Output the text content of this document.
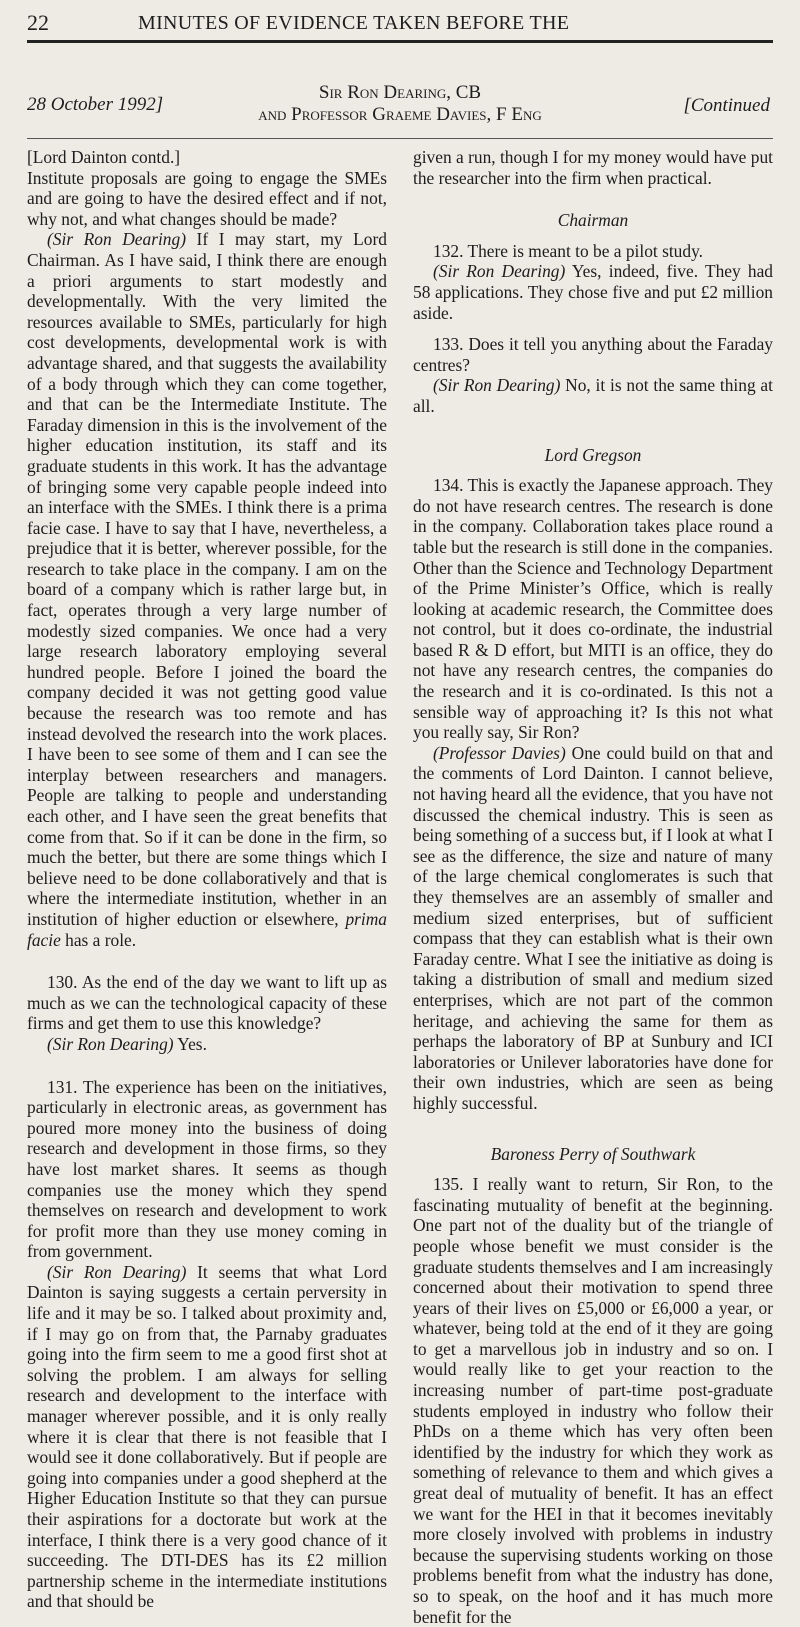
22	MINUTES OF EVIDENCE TAKEN BEFORE THE
28 October 1992]
Sir Ron Dearing, CB
and Professor Graeme Davies, F Eng	[Continued

[Lord Dainton contd.]

Institute proposals are going to engage the SMEs and are going to have the desired effect and if not, why not, and what changes should be made?

(Sir Ron Dearing) If I may start, my Lord Chairman. As I have said, I think there are enough a priori arguments to start modestly and developmentally. With the very limited the resources available to SMEs, particularly for high cost developments, developmental work is with advantage shared, and that suggests the availability of a body through which they can come together, and that can be the Intermediate Institute. The Faraday dimension in this is the involvement of the higher education institution, its staff and its graduate students in this work. It has the advantage of bringing some very capable people indeed into an interface with the SMEs. I think there is a prima facie case. I have to say that I have, nevertheless, a prejudice that it is better, wherever possible, for the research to take place in the company. I am on the board of a company which is rather large but, in fact, operates through a very large number of modestly sized companies. We once had a very large research laboratory employing several hundred people. Before I joined the board the company decided it was not getting good value because the research was too remote and has instead devolved the research into the work places. I have been to see some of them and I can see the interplay between researchers and managers. People are talking to people and understanding each other, and I have seen the great benefits that come from that. So if it can be done in the firm, so much the better, but there are some things which I believe need to be done collaboratively and that is where the intermediate institution, whether in an institution of higher eduction or elsewhere, prima facie has a role.

130. As the end of the day we want to lift up as much as we can the technological capacity of these firms and get them to use this knowledge?

(Sir Ron Dearing) Yes.

131. The experience has been on the initiatives, particularly in electronic areas, as government has poured more money into the business of doing research and development in those firms, so they have lost market shares. It seems as though companies use the money which they spend themselves on research and development to work for profit more than they use money coming in from government.

(Sir Ron Dearing) It seems that what Lord Dainton is saying suggests a certain perversity in life and it may be so. I talked about proximity and, if I may go on from that, the Parnaby graduates going into the firm seem to me a good first shot at solving the problem. I am always for selling research and development to the interface with manager wherever possible, and it is only really where it is clear that there is not feasible that I would see it done collaboratively. But if people are going into companies under a good shepherd at the Higher Education Institute so that they can pursue their aspirations for a doctorate but work at the interface, I think there is a very good chance of it succeeding. The DTI-DES has its £2 million partnership scheme in the intermediate institutions and that should be

given a run, though I for my money would have put the researcher into the firm when practical.

Chairman

132. There is meant to be a pilot study.

(Sir Ron Dearing) Yes, indeed, five. They had 58 applications. They chose five and put £2 million aside.

133. Does it tell you anything about the Faraday centres?

(Sir Ron Dearing) No, it is not the same thing at all.

Lord Gregson

134. This is exactly the Japanese approach. They do not have research centres. The research is done in the company. Collaboration takes place round a table but the research is still done in the companies. Other than the Science and Technology Department of the Prime Minister’s Office, which is really looking at academic research, the Committee does not control, but it does co-ordinate, the industrial based R & D effort, but MITI is an office, they do not have any research centres, the companies do the research and it is co-ordinated. Is this not a sensible way of approaching it? Is this not what you really say, Sir Ron?

(Professor Davies) One could build on that and the comments of Lord Dainton. I cannot believe, not having heard all the evidence, that you have not discussed the chemical industry. This is seen as being something of a success but, if I look at what I see as the difference, the size and nature of many of the large chemical conglomerates is such that they themselves are an assembly of smaller and medium sized enterprises, but of sufficient compass that they can establish what is their own Faraday centre. What I see the initiative as doing is taking a distribution of small and medium sized enterprises, which are not part of the common heritage, and achieving the same for them as perhaps the laboratory of BP at Sunbury and ICI laboratories or Unilever laboratories have done for their own industries, which are seen as being highly successful.

Baroness Perry of Southwark

135. I really want to return, Sir Ron, to the fascinating mutuality of benefit at the beginning. One part not of the duality but of the triangle of people whose benefit we must consider is the graduate students themselves and I am increasingly concerned about their motivation to spend three years of their lives on £5,000 or £6,000 a year, or whatever, being told at the end of it they are going to get a marvellous job in industry and so on. I would really like to get your reaction to the increasing number of part-time post-graduate students employed in industry who follow their PhDs on a theme which has very often been identified by the industry for which they work as something of relevance to them and which gives a great deal of mutuality of benefit. It has an effect we want for the HEI in that it becomes inevitably more closely involved with problems in industry because the supervising students working on those problems benefit from what the industry has done, so to speak, on the hoof and it has much more benefit for the
